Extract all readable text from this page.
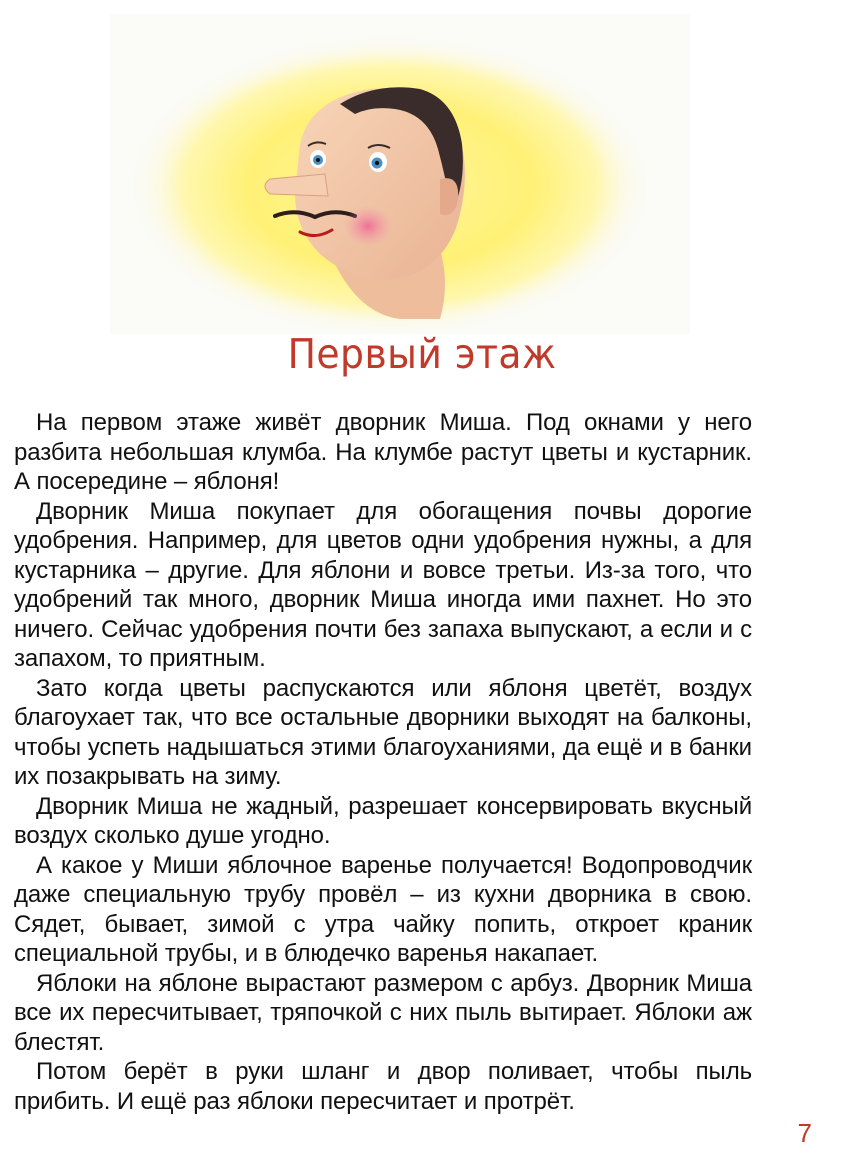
Первый этаж

На первом этаже живёт дворник Миша. Под окнами у него разбита небольшая клумба. На клумбе растут цветы и кустарник. А посередине – яблоня!

Дворник Миша покупает для обогащения почвы дорогие удобрения. Например, для цветов одни удобрения нужны, а для кустарника – другие. Для яблони и вовсе третьи. Из-за того, что удобрений так много, дворник Миша иногда ими пахнет. Но это ничего. Сейчас удобрения почти без запаха выпускают, а если и с запахом, то приятным.

Зато когда цветы распускаются или яблоня цветёт, воздух благоухает так, что все остальные дворники выходят на балконы, чтобы успеть надышаться этими благоуханиями, да ещё и в банки их позакрывать на зиму.

Дворник Миша не жадный, разрешает консервировать вкусный воздух сколько душе угодно.

А какое у Миши яблочное варенье получается! Водопроводчик даже специальную трубу провёл – из кухни дворника в свою. Сядет, бывает, зимой с утра чайку попить, откроет краник специальной трубы, и в блюдечко варенья накапает.

Яблоки на яблоне вырастают размером с арбуз. Дворник Миша все их пересчитывает, тряпочкой с них пыль вытирает. Яблоки аж блестят.

Потом берёт в руки шланг и двор поливает, чтобы пыль прибить. И ещё раз яблоки пересчитает и протрёт.

7
